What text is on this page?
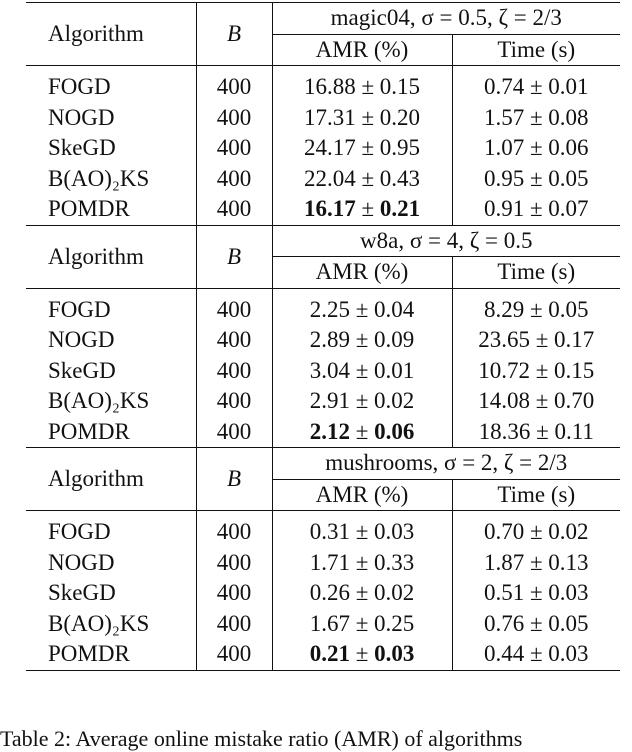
Algorithm	B	magic04, σ = 0.5, ζ = 2/3	
		AMR (%)	Time (s)

FOGD	400	16.88 ± 0.15	0.74 ± 0.01
NOGD	400	17.31 ± 0.20	1.57 ± 0.08
SkeGD	400	24.17 ± 0.95	1.07 ± 0.06
B(AO)₂KS	400	22.04 ± 0.43	0.95 ± 0.05
POMDR	400	16.17 ± 0.21	0.91 ± 0.07
Algorithm	B	w8a, σ = 4, ζ = 0.5	
		AMR (%)	Time (s)

FOGD	400	2.25 ± 0.04	8.29 ± 0.05
NOGD	400	2.89 ± 0.09	23.65 ± 0.17
SkeGD	400	3.04 ± 0.01	10.72 ± 0.15
B(AO)₂KS	400	2.91 ± 0.02	14.08 ± 0.70
POMDR	400	2.12 ± 0.06	18.36 ± 0.11
Algorithm	B	mushrooms, σ = 2, ζ = 2/3	
		AMR (%)	Time (s)

FOGD	400	0.31 ± 0.03	0.70 ± 0.02
NOGD	400	1.71 ± 0.33	1.87 ± 0.13
SkeGD	400	0.26 ± 0.02	0.51 ± 0.03
B(AO)₂KS	400	1.67 ± 0.25	0.76 ± 0.05
POMDR	400	0.21 ± 0.03	0.44 ± 0.03
Table 2: Average online mistake ratio (AMR) of algorithms
